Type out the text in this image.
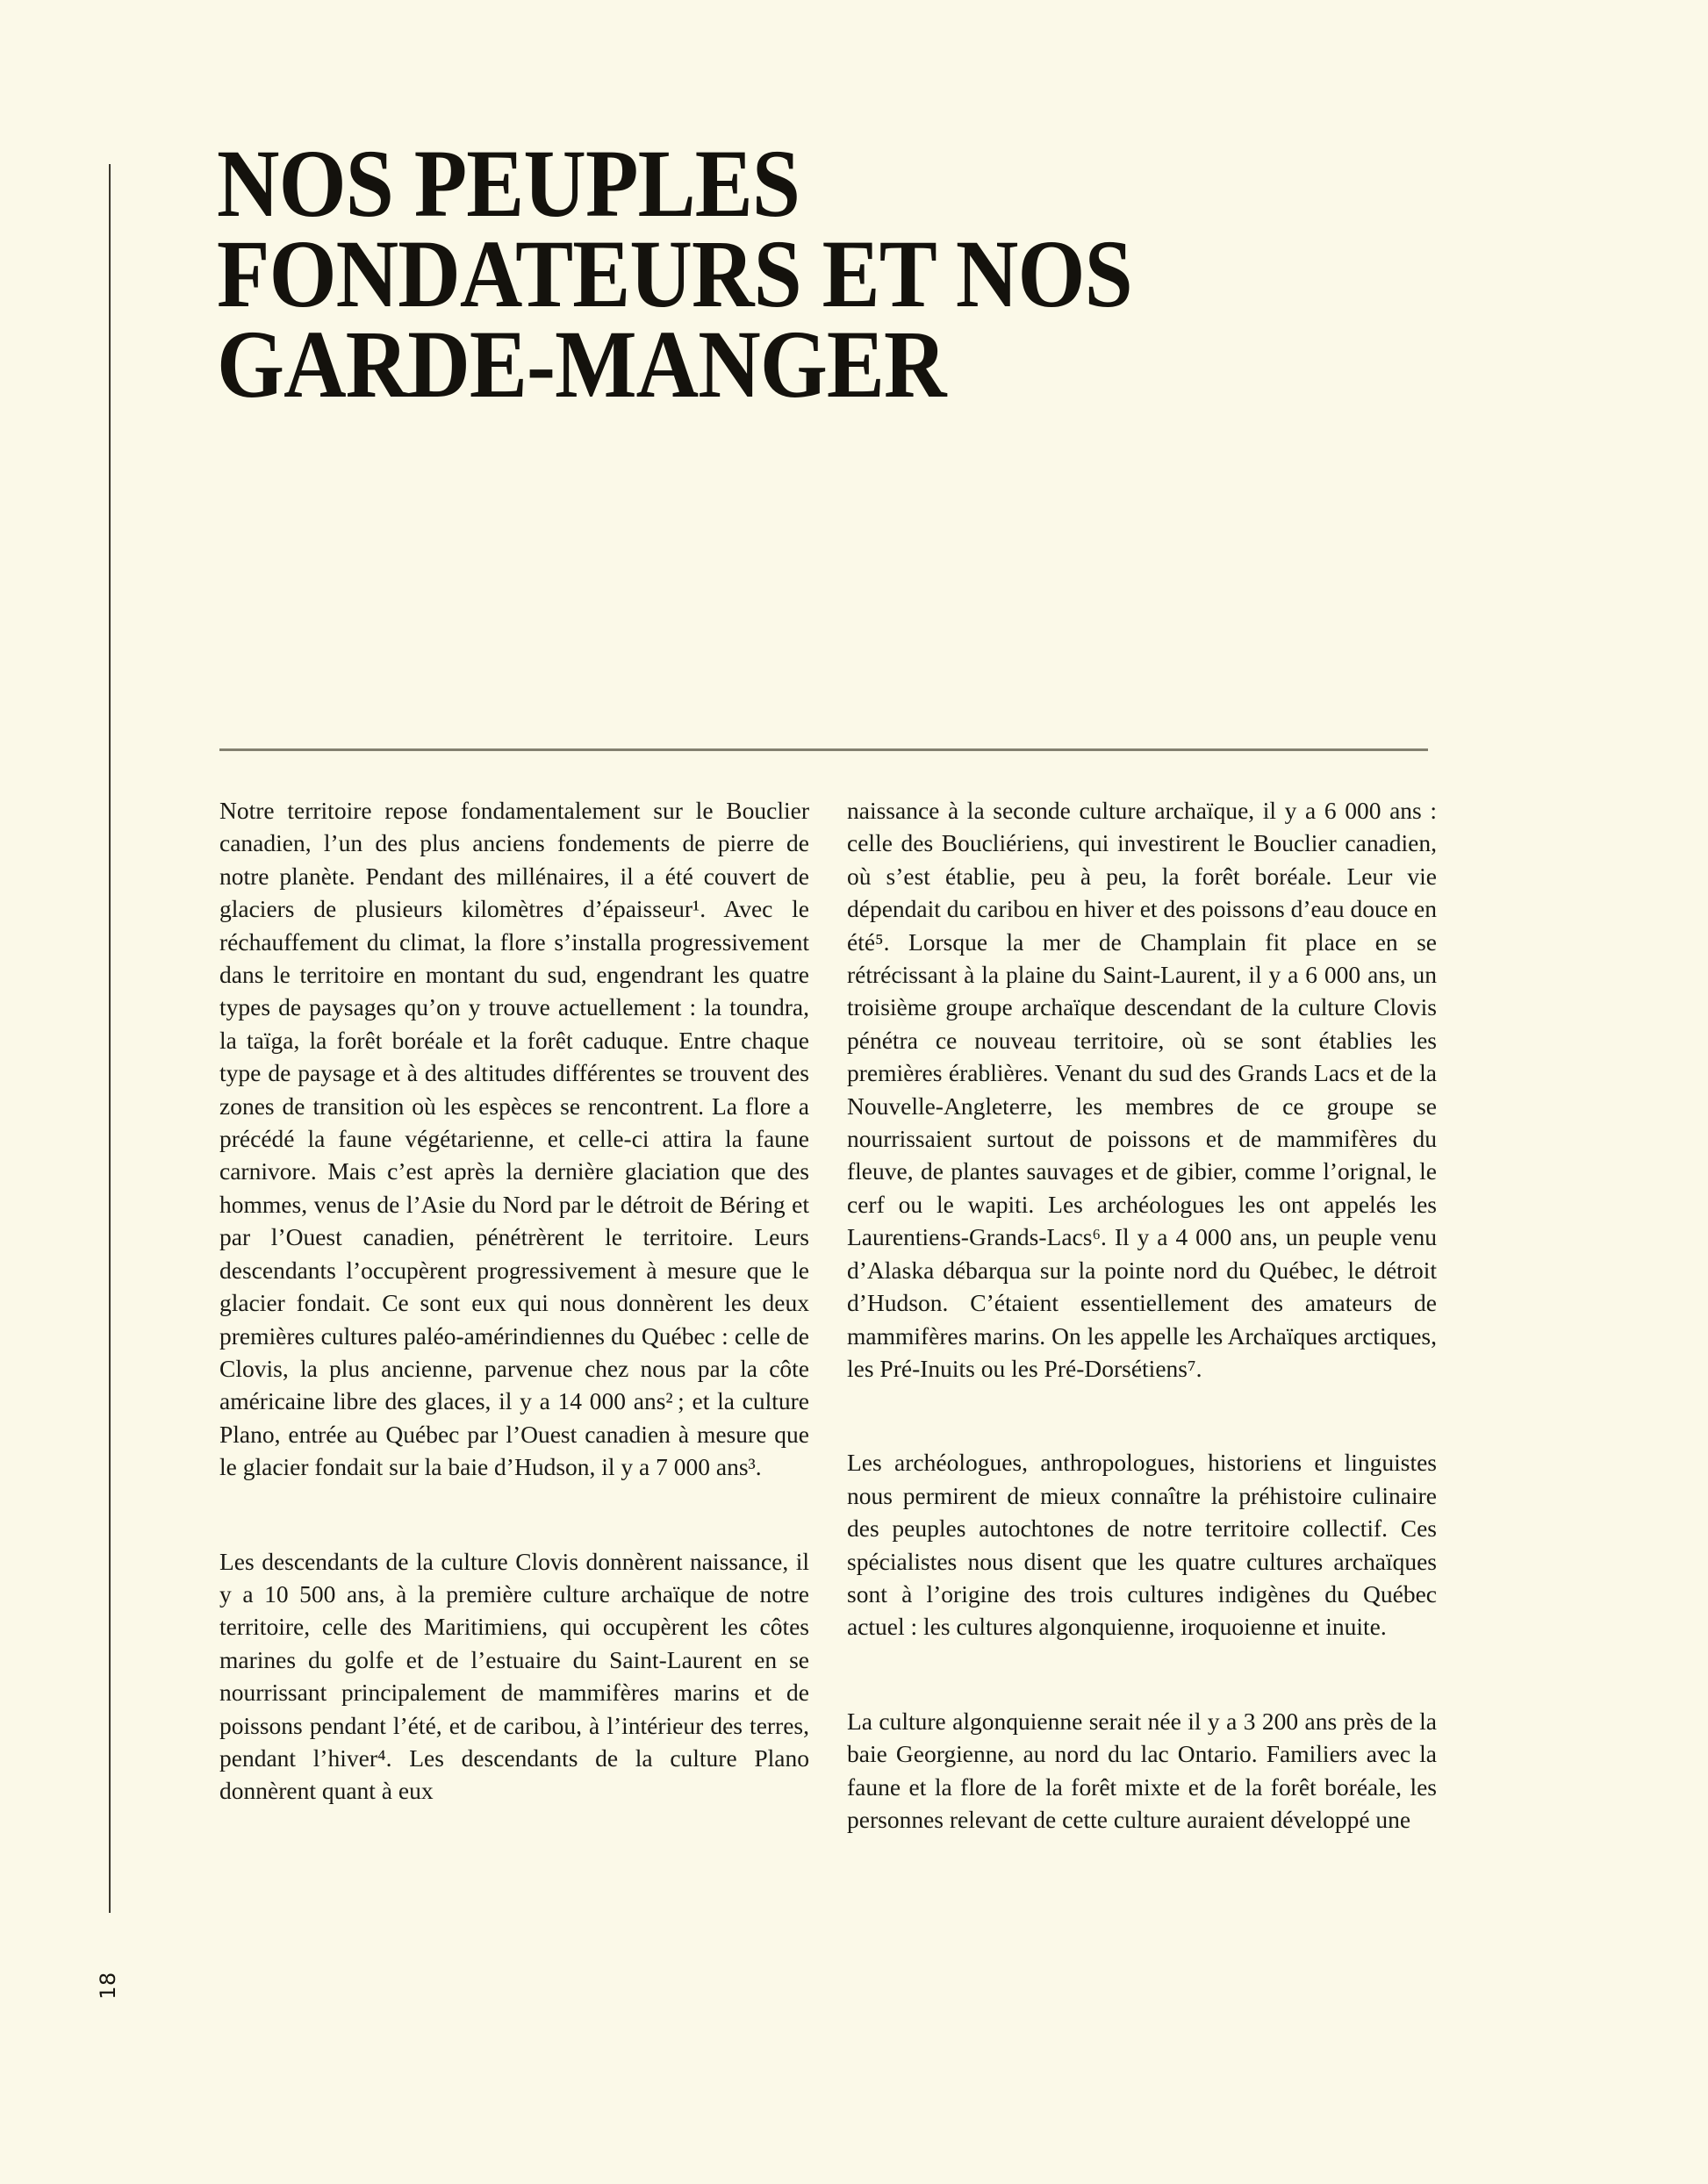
NOS PEUPLES
FONDATEURS ET NOS
GARDE-MANGER

Notre territoire repose fondamentalement sur le Bouclier canadien, l’un des plus anciens fondements de pierre de notre planète. Pendant des millénaires, il a été couvert de glaciers de plusieurs kilomètres d’épaisseur¹. Avec le réchauffement du climat, la flore s’installa progressivement dans le territoire en montant du sud, engendrant les quatre types de paysages qu’on y trouve actuellement : la toundra, la taïga, la forêt boréale et la forêt caduque. Entre chaque type de paysage et à des altitudes différentes se trouvent des zones de transition où les espèces se rencontrent. La flore a précédé la faune végétarienne, et celle-ci attira la faune carnivore. Mais c’est après la dernière glaciation que des hommes, venus de l’Asie du Nord par le détroit de Béring et par l’Ouest canadien, pénétrèrent le territoire. Leurs descendants l’occupèrent progressivement à mesure que le glacier fondait. Ce sont eux qui nous donnèrent les deux premières cultures paléo-amérindiennes du Québec : celle de Clovis, la plus ancienne, parvenue chez nous par la côte américaine libre des glaces, il y a 14 000 ans² ; et la culture Plano, entrée au Québec par l’Ouest canadien à mesure que le glacier fondait sur la baie d’Hudson, il y a 7 000 ans³.

Les descendants de la culture Clovis donnèrent naissance, il y a 10 500 ans, à la première culture archaïque de notre territoire, celle des Maritimiens, qui occupèrent les côtes marines du golfe et de l’estuaire du Saint-Laurent en se nourrissant principalement de mammifères marins et de poissons pendant l’été, et de caribou, à l’intérieur des terres, pendant l’hiver⁴. Les descendants de la culture Plano donnèrent quant à eux

naissance à la seconde culture archaïque, il y a 6 000 ans : celle des Boucliériens, qui investirent le Bouclier canadien, où s’est établie, peu à peu, la forêt boréale. Leur vie dépendait du caribou en hiver et des poissons d’eau douce en été⁵. Lorsque la mer de Champlain fit place en se rétrécissant à la plaine du Saint-Laurent, il y a 6 000 ans, un troisième groupe archaïque descendant de la culture Clovis pénétra ce nouveau territoire, où se sont établies les premières érablières. Venant du sud des Grands Lacs et de la Nouvelle-Angleterre, les membres de ce groupe se nourrissaient surtout de poissons et de mammifères du fleuve, de plantes sauvages et de gibier, comme l’orignal, le cerf ou le wapiti. Les archéologues les ont appelés les Laurentiens-Grands-Lacs⁶. Il y a 4 000 ans, un peuple venu d’Alaska débarqua sur la pointe nord du Québec, le détroit d’Hudson. C’étaient essentiellement des amateurs de mammifères marins. On les appelle les Archaïques arctiques, les Pré-Inuits ou les Pré-Dorsétiens⁷.

Les archéologues, anthropologues, historiens et linguistes nous permirent de mieux connaître la préhistoire culinaire des peuples autochtones de notre territoire collectif. Ces spécialistes nous disent que les quatre cultures archaïques sont à l’origine des trois cultures indigènes du Québec actuel : les cultures algonquienne, iroquoienne et inuite.

La culture algonquienne serait née il y a 3 200 ans près de la baie Georgienne, au nord du lac Ontario. Familiers avec la faune et la flore de la forêt mixte et de la forêt boréale, les personnes relevant de cette culture auraient développé une

18
